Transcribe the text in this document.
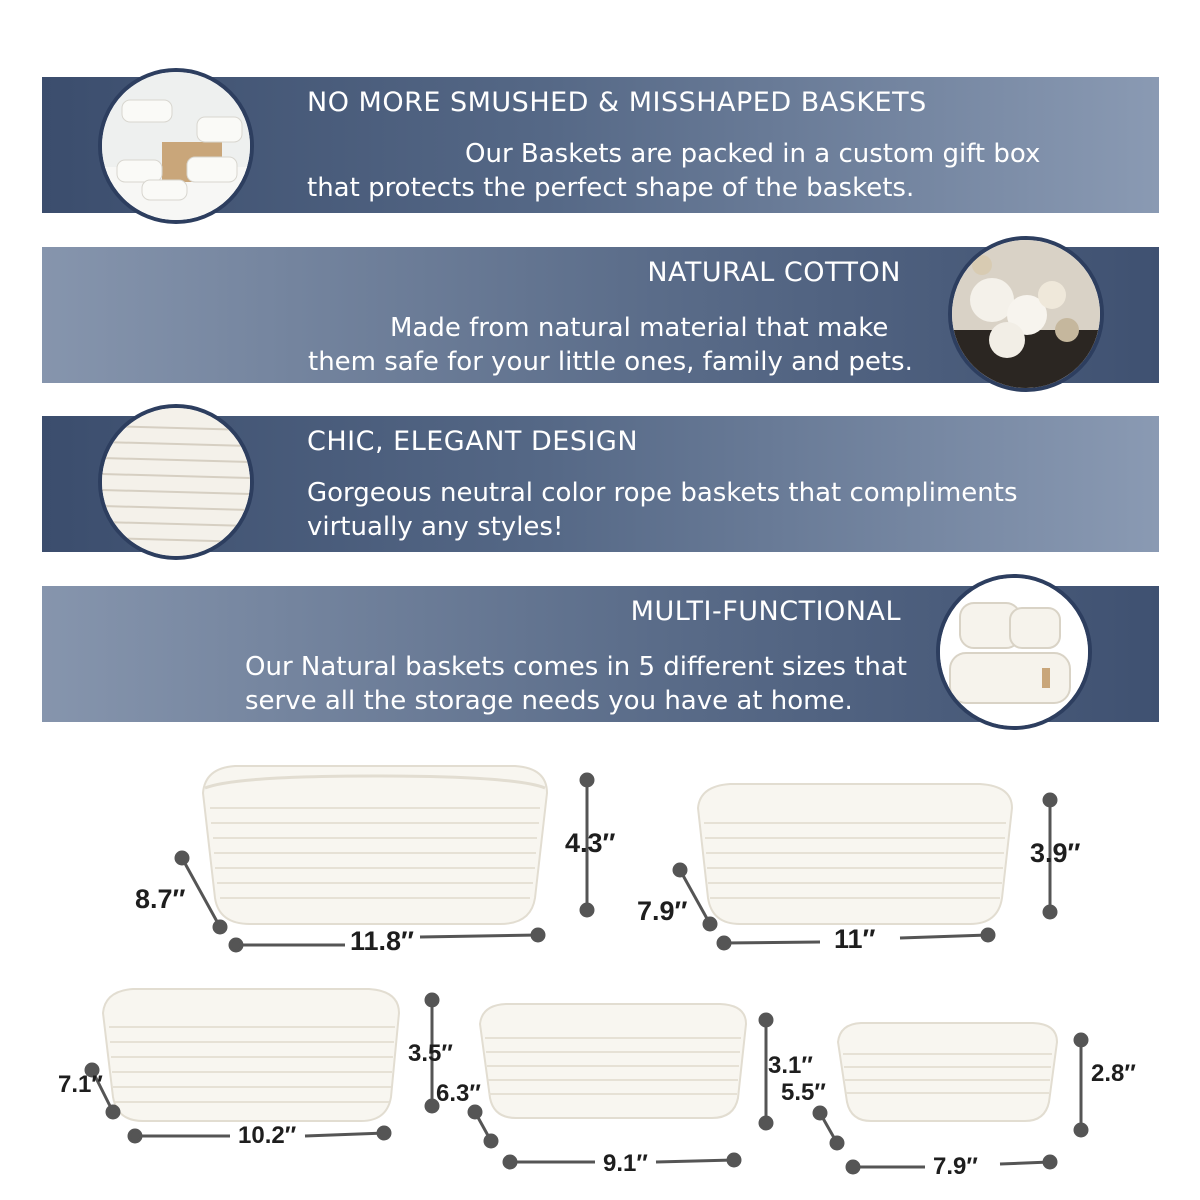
NO MORE SMUSHED & MISSHAPED BASKETS
Our Baskets are packed in a custom gift box
that protects the perfect shape of the baskets.
NATURAL COTTON
Made from natural material that make
them safe for your little ones, family and pets.
CHIC, ELEGANT DESIGN
Gorgeous neutral color rope baskets that compliments
virtually any styles!
MULTI-FUNCTIONAL
Our Natural baskets comes in 5 different sizes that
serve all the storage needs you have at home.
4.3″
8.7″
11.8″
3.9″
7.9″
11″
3.5″
7.1″
10.2″
3.1″
6.3″
9.1″
2.8″
5.5″
7.9″
